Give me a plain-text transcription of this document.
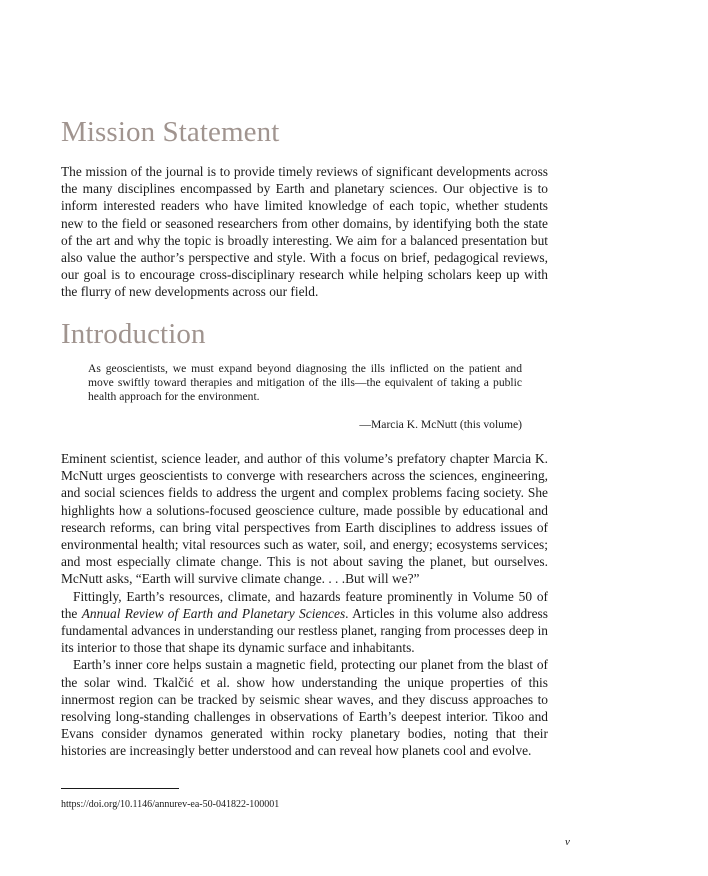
Mission Statement

The mission of the journal is to provide timely reviews of significant developments across the many disciplines encompassed by Earth and planetary sciences. Our objective is to inform interested readers who have limited knowledge of each topic, whether students new to the field or seasoned researchers from other domains, by identifying both the state of the art and why the topic is broadly interesting. We aim for a balanced presentation but also value the author’s perspective and style. With a focus on brief, pedagogical reviews, our goal is to encourage cross-disciplinary research while helping scholars keep up with the flurry of new developments across our field.

Introduction

As geoscientists, we must expand beyond diagnosing the ills inflicted on the patient and move swiftly toward therapies and mitigation of the ills—the equivalent of taking a public health approach for the environment.

—Marcia K. McNutt (this volume)

Eminent scientist, science leader, and author of this volume’s prefatory chapter Marcia K. McNutt urges geoscientists to converge with researchers across the sciences, engineering, and social sciences fields to address the urgent and complex problems facing society. She highlights how a solutions-focused geoscience culture, made possible by educational and research reforms, can bring vital perspectives from Earth disciplines to address issues of environmental health; vital resources such as water, soil, and energy; ecosystems services; and most especially climate change. This is not about saving the planet, but ourselves. McNutt asks, “Earth will survive climate change. . . .But will we?”

Fittingly, Earth’s resources, climate, and hazards feature prominently in Volume 50 of the Annual Review of Earth and Planetary Sciences. Articles in this volume also address fundamental advances in understanding our restless planet, ranging from processes deep in its interior to those that shape its dynamic surface and inhabitants.

Earth’s inner core helps sustain a magnetic field, protecting our planet from the blast of the solar wind. Tkalčić et al. show how understanding the unique properties of this innermost region can be tracked by seismic shear waves, and they discuss approaches to resolving long-standing challenges in observations of Earth’s deepest interior. Tikoo and Evans consider dynamos generated within rocky planetary bodies, noting that their histories are increasingly better understood and can reveal how planets cool and evolve.

https://doi.org/10.1146/annurev-ea-50-041822-100001

v
